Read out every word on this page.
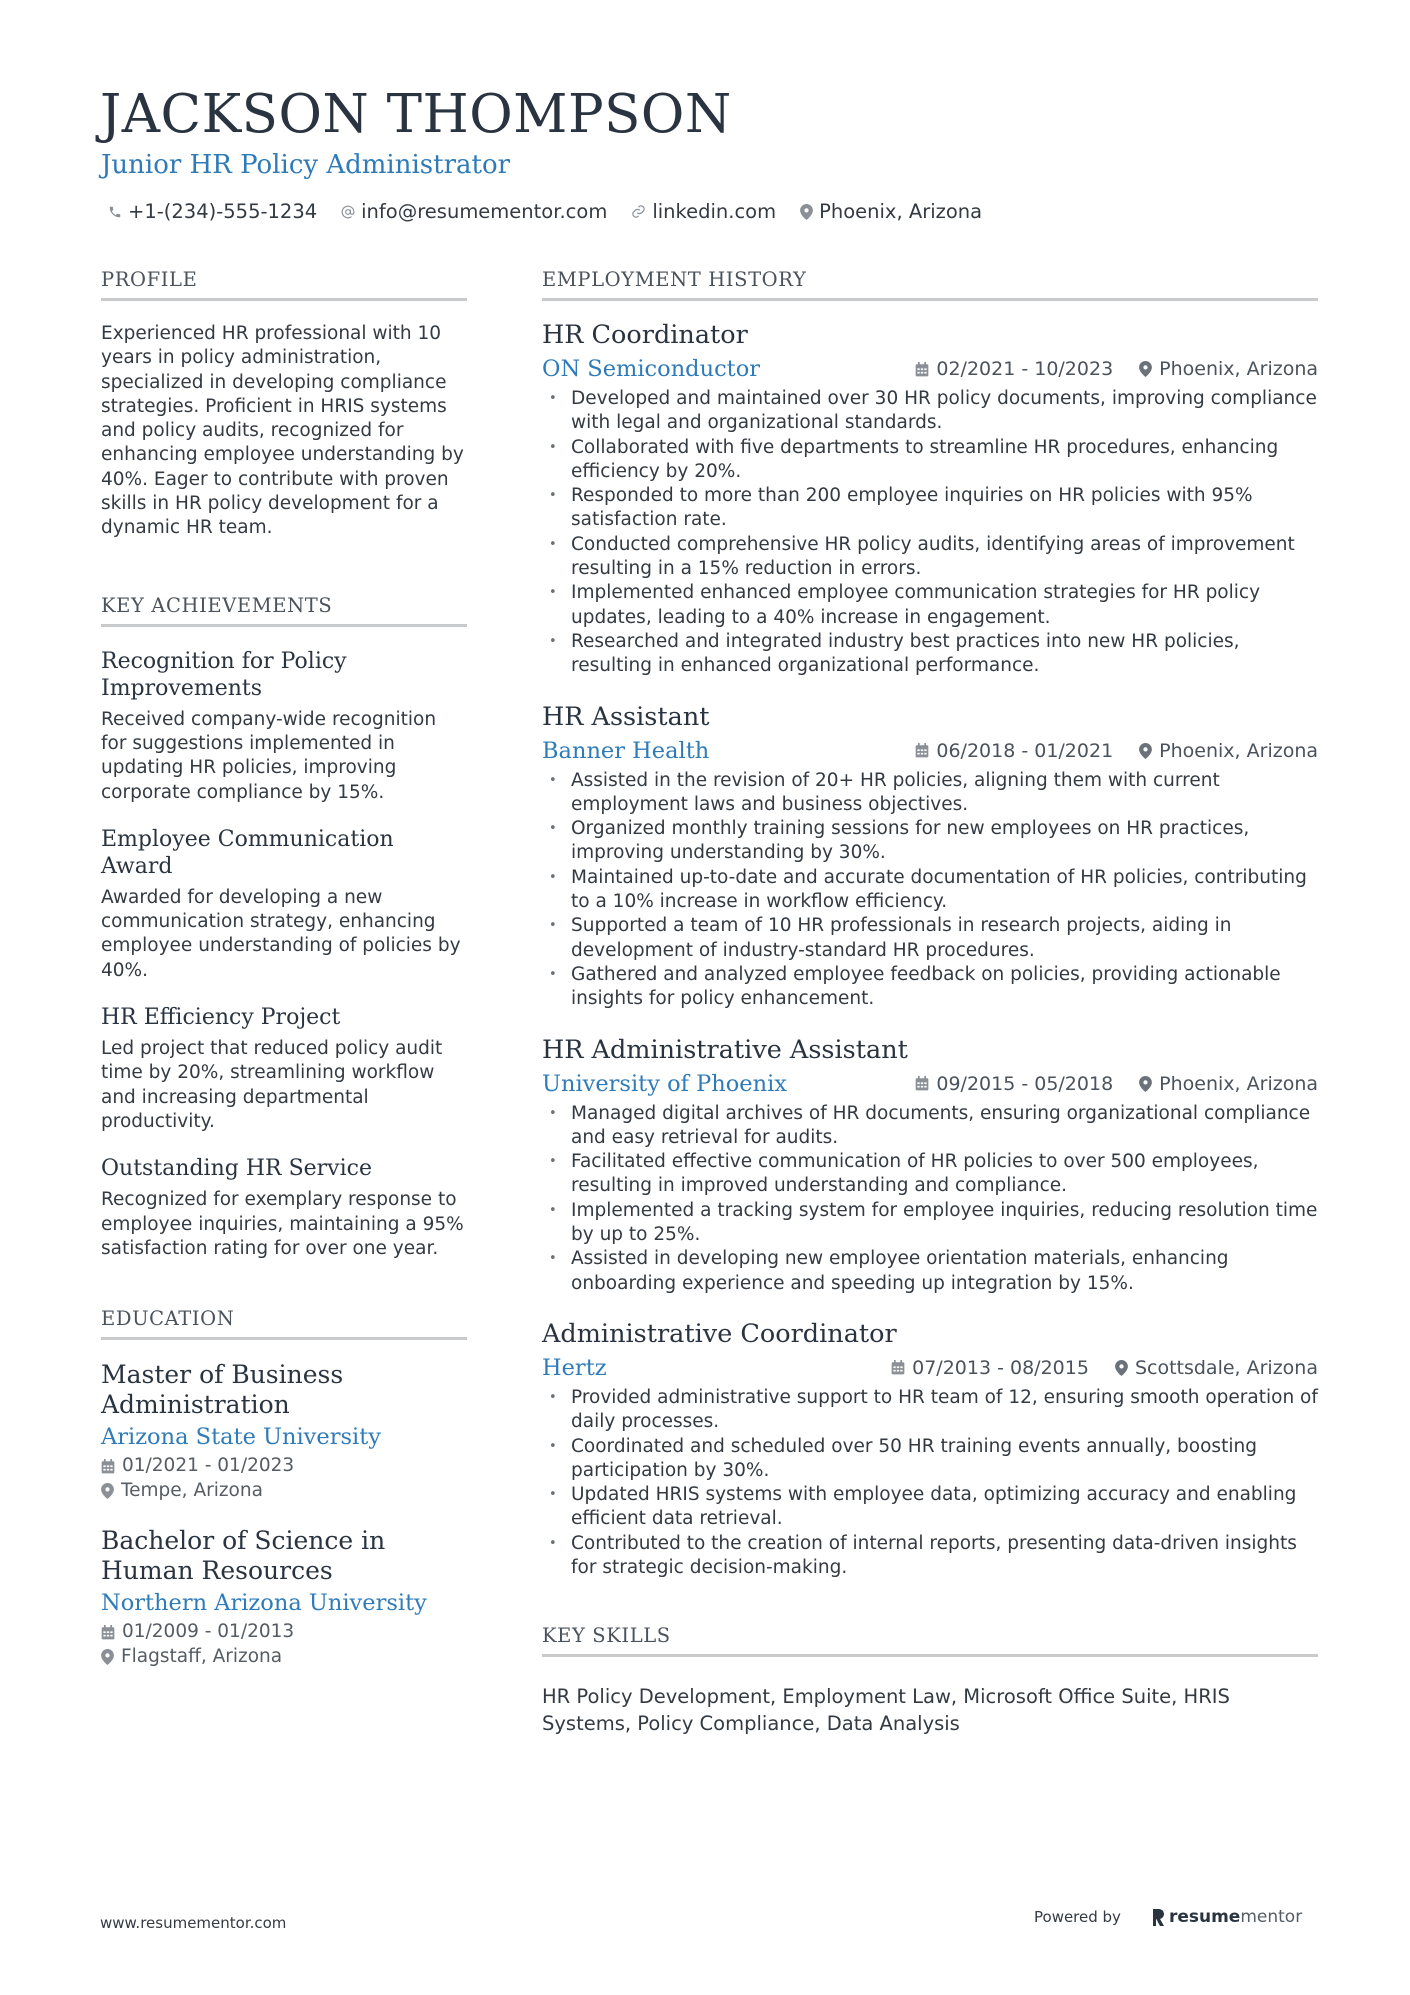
JACKSON THOMPSON
Junior HR Policy Administrator
+1-(234)-555-1234 info@resumementor.com linkedin.com Phoenix, Arizona
PROFILE

Experienced HR professional with 10 years in policy administration, specialized in developing compliance strategies. Proficient in HRIS systems and policy audits, recognized for enhancing employee understanding by 40%. Eager to contribute with proven skills in HR policy development for a dynamic HR team.

KEY ACHIEVEMENTS
Recognition for Policy Improvements
Received company-wide recognition for suggestions implemented in updating HR policies, improving corporate compliance by 15%.
Employee Communication Award
Awarded for developing a new communication strategy, enhancing employee understanding of policies by 40%.
HR Efficiency Project
Led project that reduced policy audit time by 20%, streamlining workflow and increasing departmental productivity.
Outstanding HR Service
Recognized for exemplary response to employee inquiries, maintaining a 95% satisfaction rating for over one year.
EDUCATION
Master of Business Administration
Arizona State University
01/2021 - 01/2023
Tempe, Arizona
Bachelor of Science in Human Resources
Northern Arizona University
01/2009 - 01/2013
Flagstaff, Arizona
EMPLOYMENT HISTORY
HR Coordinator
ON Semiconductor	02/2021 - 10/2023 Phoenix, Arizona
• Developed and maintained over 30 HR policy documents, improving compliance with legal and organizational standards.
• Collaborated with five departments to streamline HR procedures, enhancing efficiency by 20%.
• Responded to more than 200 employee inquiries on HR policies with 95% satisfaction rate.
• Conducted comprehensive HR policy audits, identifying areas of improvement resulting in a 15% reduction in errors.
• Implemented enhanced employee communication strategies for HR policy updates, leading to a 40% increase in engagement.
• Researched and integrated industry best practices into new HR policies, resulting in enhanced organizational performance.
HR Assistant
Banner Health	06/2018 - 01/2021 Phoenix, Arizona
• Assisted in the revision of 20+ HR policies, aligning them with current employment laws and business objectives.
• Organized monthly training sessions for new employees on HR practices, improving understanding by 30%.
• Maintained up-to-date and accurate documentation of HR policies, contributing to a 10% increase in workflow efficiency.
• Supported a team of 10 HR professionals in research projects, aiding in development of industry-standard HR procedures.
• Gathered and analyzed employee feedback on policies, providing actionable insights for policy enhancement.
HR Administrative Assistant
University of Phoenix	09/2015 - 05/2018 Phoenix, Arizona
• Managed digital archives of HR documents, ensuring organizational compliance and easy retrieval for audits.
• Facilitated effective communication of HR policies to over 500 employees, resulting in improved understanding and compliance.
• Implemented a tracking system for employee inquiries, reducing resolution time by up to 25%.
• Assisted in developing new employee orientation materials, enhancing onboarding experience and speeding up integration by 15%.
Administrative Coordinator
Hertz	07/2013 - 08/2015 Scottsdale, Arizona
• Provided administrative support to HR team of 12, ensuring smooth operation of daily processes.
• Coordinated and scheduled over 50 HR training events annually, boosting participation by 30%.
• Updated HRIS systems with employee data, optimizing accuracy and enabling efficient data retrieval.
• Contributed to the creation of internal reports, presenting data-driven insights for strategic decision-making.
KEY SKILLS

HR Policy Development, Employment Law, Microsoft Office Suite, HRIS Systems, Policy Compliance, Data Analysis

www.resumementor.com	Powered by	resume mentor
